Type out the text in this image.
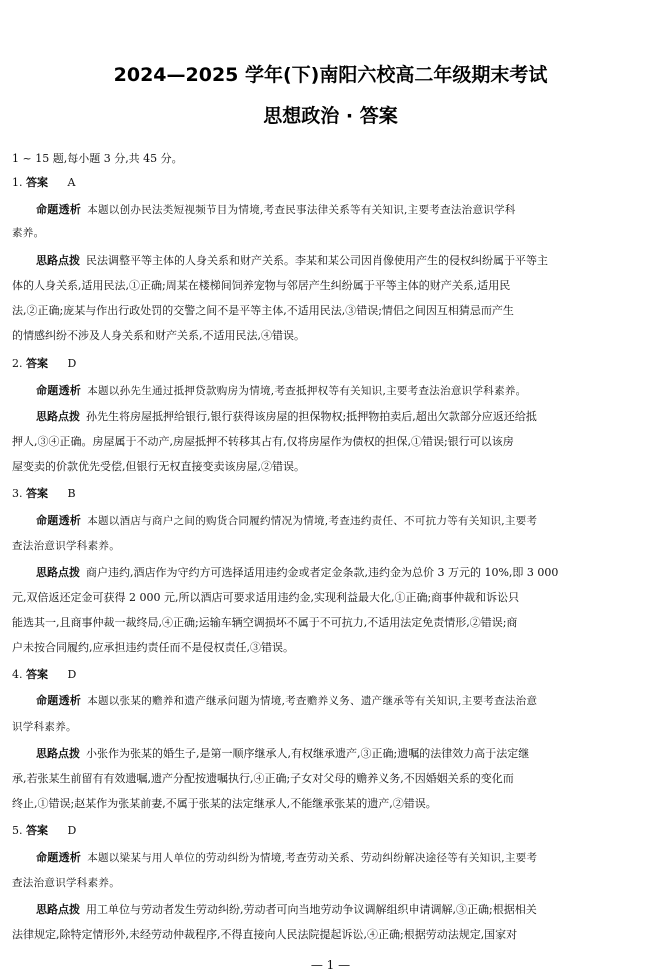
2024—2025 学年(下)南阳六校高二年级期末考试
思想政治 · 答案
1 ~ 15 题,每小题 3 分,共 45 分。
1. 答案 A
命题透析 本题以创办民法类短视频节目为情境,考查民事法律关系等有关知识,主要考查法治意识学科
素养。
思路点拨 民法调整平等主体的人身关系和财产关系。李某和某公司因肖像使用产生的侵权纠纷属于平等主
体的人身关系,适用民法,①正确;周某在楼梯间饲养宠物与邻居产生纠纷属于平等主体的财产关系,适用民
法,②正确;庞某与作出行政处罚的交警之间不是平等主体,不适用民法,③错误;情侣之间因互相猜忌而产生
的情感纠纷不涉及人身关系和财产关系,不适用民法,④错误。
2. 答案 D
命题透析 本题以孙先生通过抵押贷款购房为情境,考查抵押权等有关知识,主要考查法治意识学科素养。
思路点拨 孙先生将房屋抵押给银行,银行获得该房屋的担保物权;抵押物拍卖后,超出欠款部分应返还给抵
押人,③④正确。房屋属于不动产,房屋抵押不转移其占有,仅将房屋作为债权的担保,①错误;银行可以该房
屋变卖的价款优先受偿,但银行无权直接变卖该房屋,②错误。
3. 答案 B
命题透析 本题以酒店与商户之间的购货合同履约情况为情境,考查违约责任、不可抗力等有关知识,主要考
查法治意识学科素养。
思路点拨 商户违约,酒店作为守约方可选择适用违约金或者定金条款,违约金为总价 3 万元的 10%,即 3 000
元,双倍返还定金可获得 2 000 元,所以酒店可要求适用违约金,实现利益最大化,①正确;商事仲裁和诉讼只
能选其一,且商事仲裁一裁终局,④正确;运输车辆空调损坏不属于不可抗力,不适用法定免责情形,②错误;商
户未按合同履约,应承担违约责任而不是侵权责任,③错误。
4. 答案 D
命题透析 本题以张某的赡养和遗产继承问题为情境,考查赡养义务、遗产继承等有关知识,主要考查法治意
识学科素养。
思路点拨 小张作为张某的婚生子,是第一顺序继承人,有权继承遗产,③正确;遗嘱的法律效力高于法定继
承,若张某生前留有有效遗嘱,遗产分配按遗嘱执行,④正确;子女对父母的赡养义务,不因婚姻关系的变化而
终止,①错误;赵某作为张某前妻,不属于张某的法定继承人,不能继承张某的遗产,②错误。
5. 答案 D
命题透析 本题以梁某与用人单位的劳动纠纷为情境,考查劳动关系、劳动纠纷解决途径等有关知识,主要考
查法治意识学科素养。
思路点拨 用工单位与劳动者发生劳动纠纷,劳动者可向当地劳动争议调解组织申请调解,③正确;根据相关
法律规定,除特定情形外,未经劳动仲裁程序,不得直接向人民法院提起诉讼,④正确;根据劳动法规定,国家对
— 1 —
